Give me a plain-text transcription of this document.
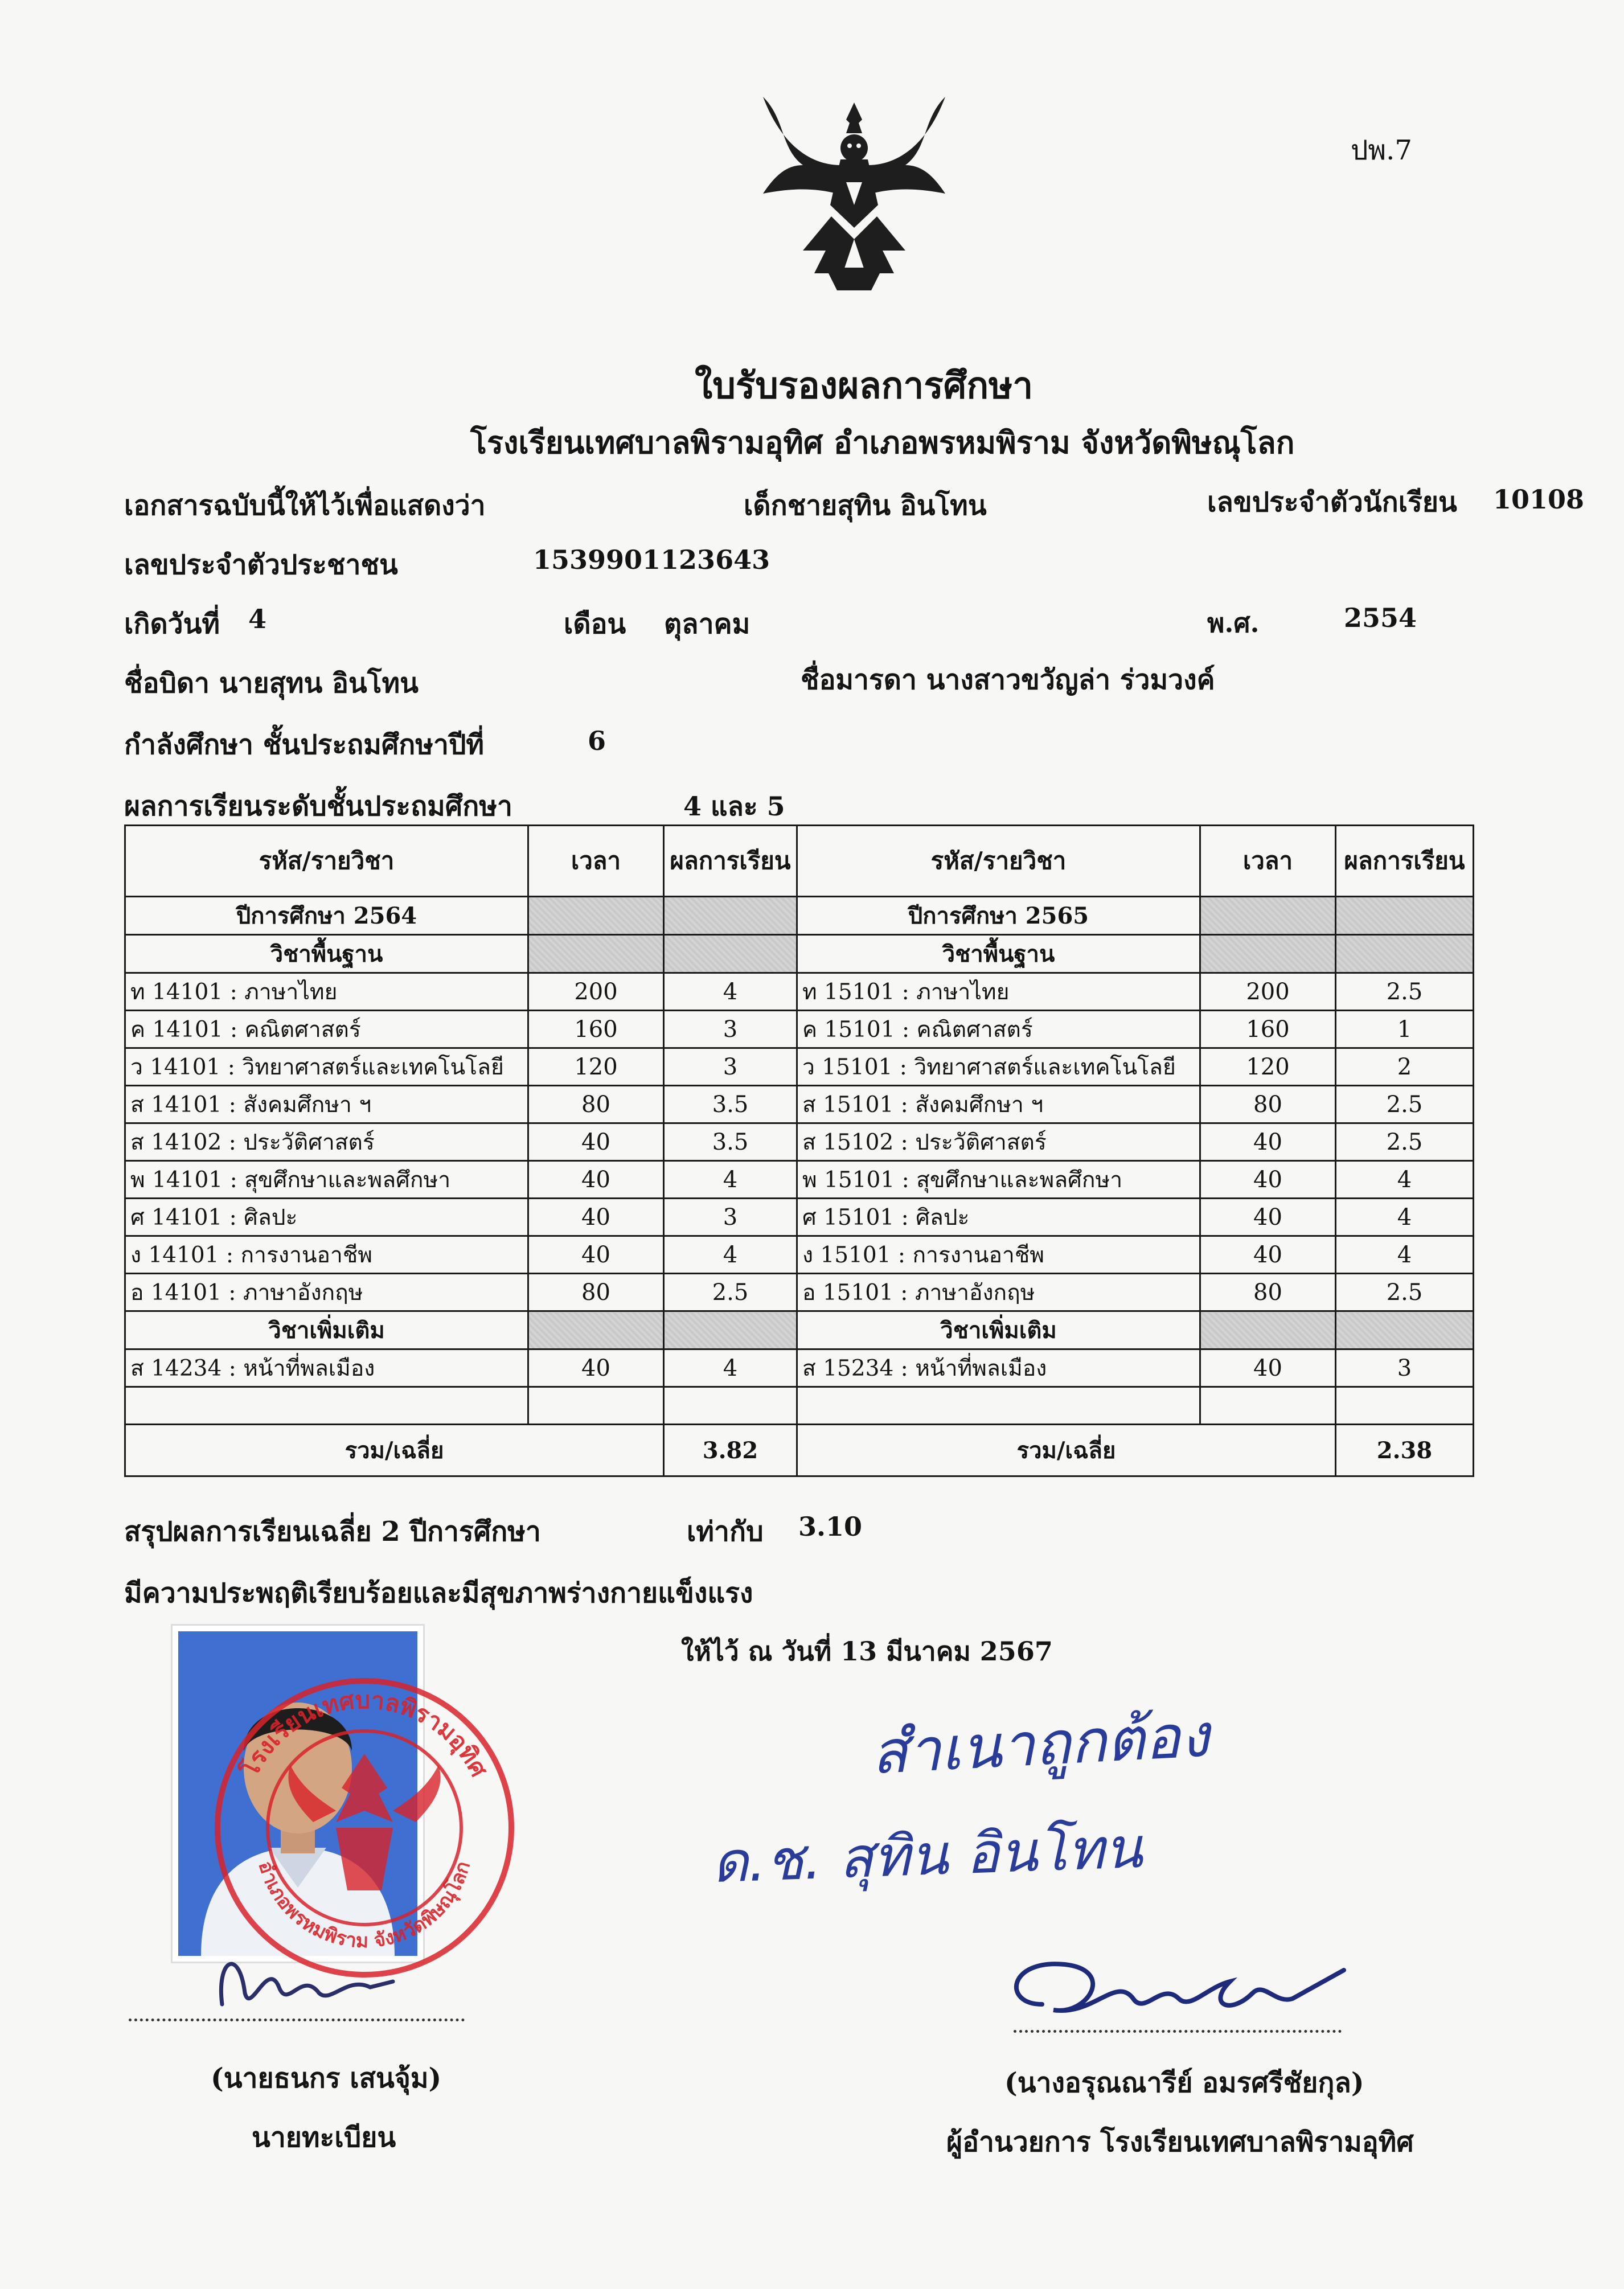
ปพ.7
ใบรับรองผลการศึกษา
โรงเรียนเทศบาลพิรามอุทิศ อำเภอพรหมพิราม จังหวัดพิษณุโลก
เอกสารฉบับนี้ให้ไว้เพื่อแสดงว่า	เด็กชายสุทิน อินโทน	เลขประจำตัวนักเรียน 10108
เลขประจำตัวประชาชน	1539901123643
เกิดวันที่ 4	เดือน ตุลาคม	พ.ศ.	2554
ชื่อบิดา นายสุทน อินโทน	ชื่อมารดา นางสาวขวัญล่า ร่วมวงค์
กำลังศึกษา ชั้นประถมศึกษาปีที่	6
ผลการเรียนระดับชั้นประถมศึกษา	4 และ 5
รหัส/รายวิชา	เวลา	ผลการเรียน	รหัส/รายวิชา	เวลา	ผลการเรียน
ปีการศึกษา 2564			ปีการศึกษา 2565		
วิชาพื้นฐาน			วิชาพื้นฐาน		
ท 14101 : ภาษาไทย	200	4	ท 15101 : ภาษาไทย	200	2.5
ค 14101 : คณิตศาสตร์	160	3	ค 15101 : คณิตศาสตร์	160	1
ว 14101 : วิทยาศาสตร์และเทคโนโลยี	120	3	ว 15101 : วิทยาศาสตร์และเทคโนโลยี	120	2
ส 14101 : สังคมศึกษา ฯ	80	3.5	ส 15101 : สังคมศึกษา ฯ	80	2.5
ส 14102 : ประวัติศาสตร์	40	3.5	ส 15102 : ประวัติศาสตร์	40	2.5
พ 14101 : สุขศึกษาและพลศึกษา	40	4	พ 15101 : สุขศึกษาและพลศึกษา	40	4
ศ 14101 : ศิลปะ	40	3	ศ 15101 : ศิลปะ	40	4
ง 14101 : การงานอาชีพ	40	4	ง 15101 : การงานอาชีพ	40	4
อ 14101 : ภาษาอังกฤษ	80	2.5	อ 15101 : ภาษาอังกฤษ	80	2.5
วิชาเพิ่มเติม			วิชาเพิ่มเติม		
ส 14234 : หน้าที่พลเมือง	40	4	ส 15234 : หน้าที่พลเมือง	40	3

รวม/เฉลี่ย		3.82	รวม/เฉลี่ย		2.38
สรุปผลการเรียนเฉลี่ย 2 ปีการศึกษา	เท่ากับ 3.10
มีความประพฤติเรียบร้อยและมีสุขภาพร่างกายแข็งแรง
ให้ไว้ ณ วันที่ 13 มีนาคม 2567
โรงเรียนเทศบาลพิรามอุทิศ
อำเภอพรหมพิราม จังหวัดพิษณุโลก
สำเนาถูกต้อง
ด.ช. สุทิน อินโทน
(นายธนกร เสนจุ้ม)
นายทะเบียน
(นางอรุณณารีย์ อมรศรีชัยกุล)
ผู้อำนวยการ โรงเรียนเทศบาลพิรามอุทิศ
